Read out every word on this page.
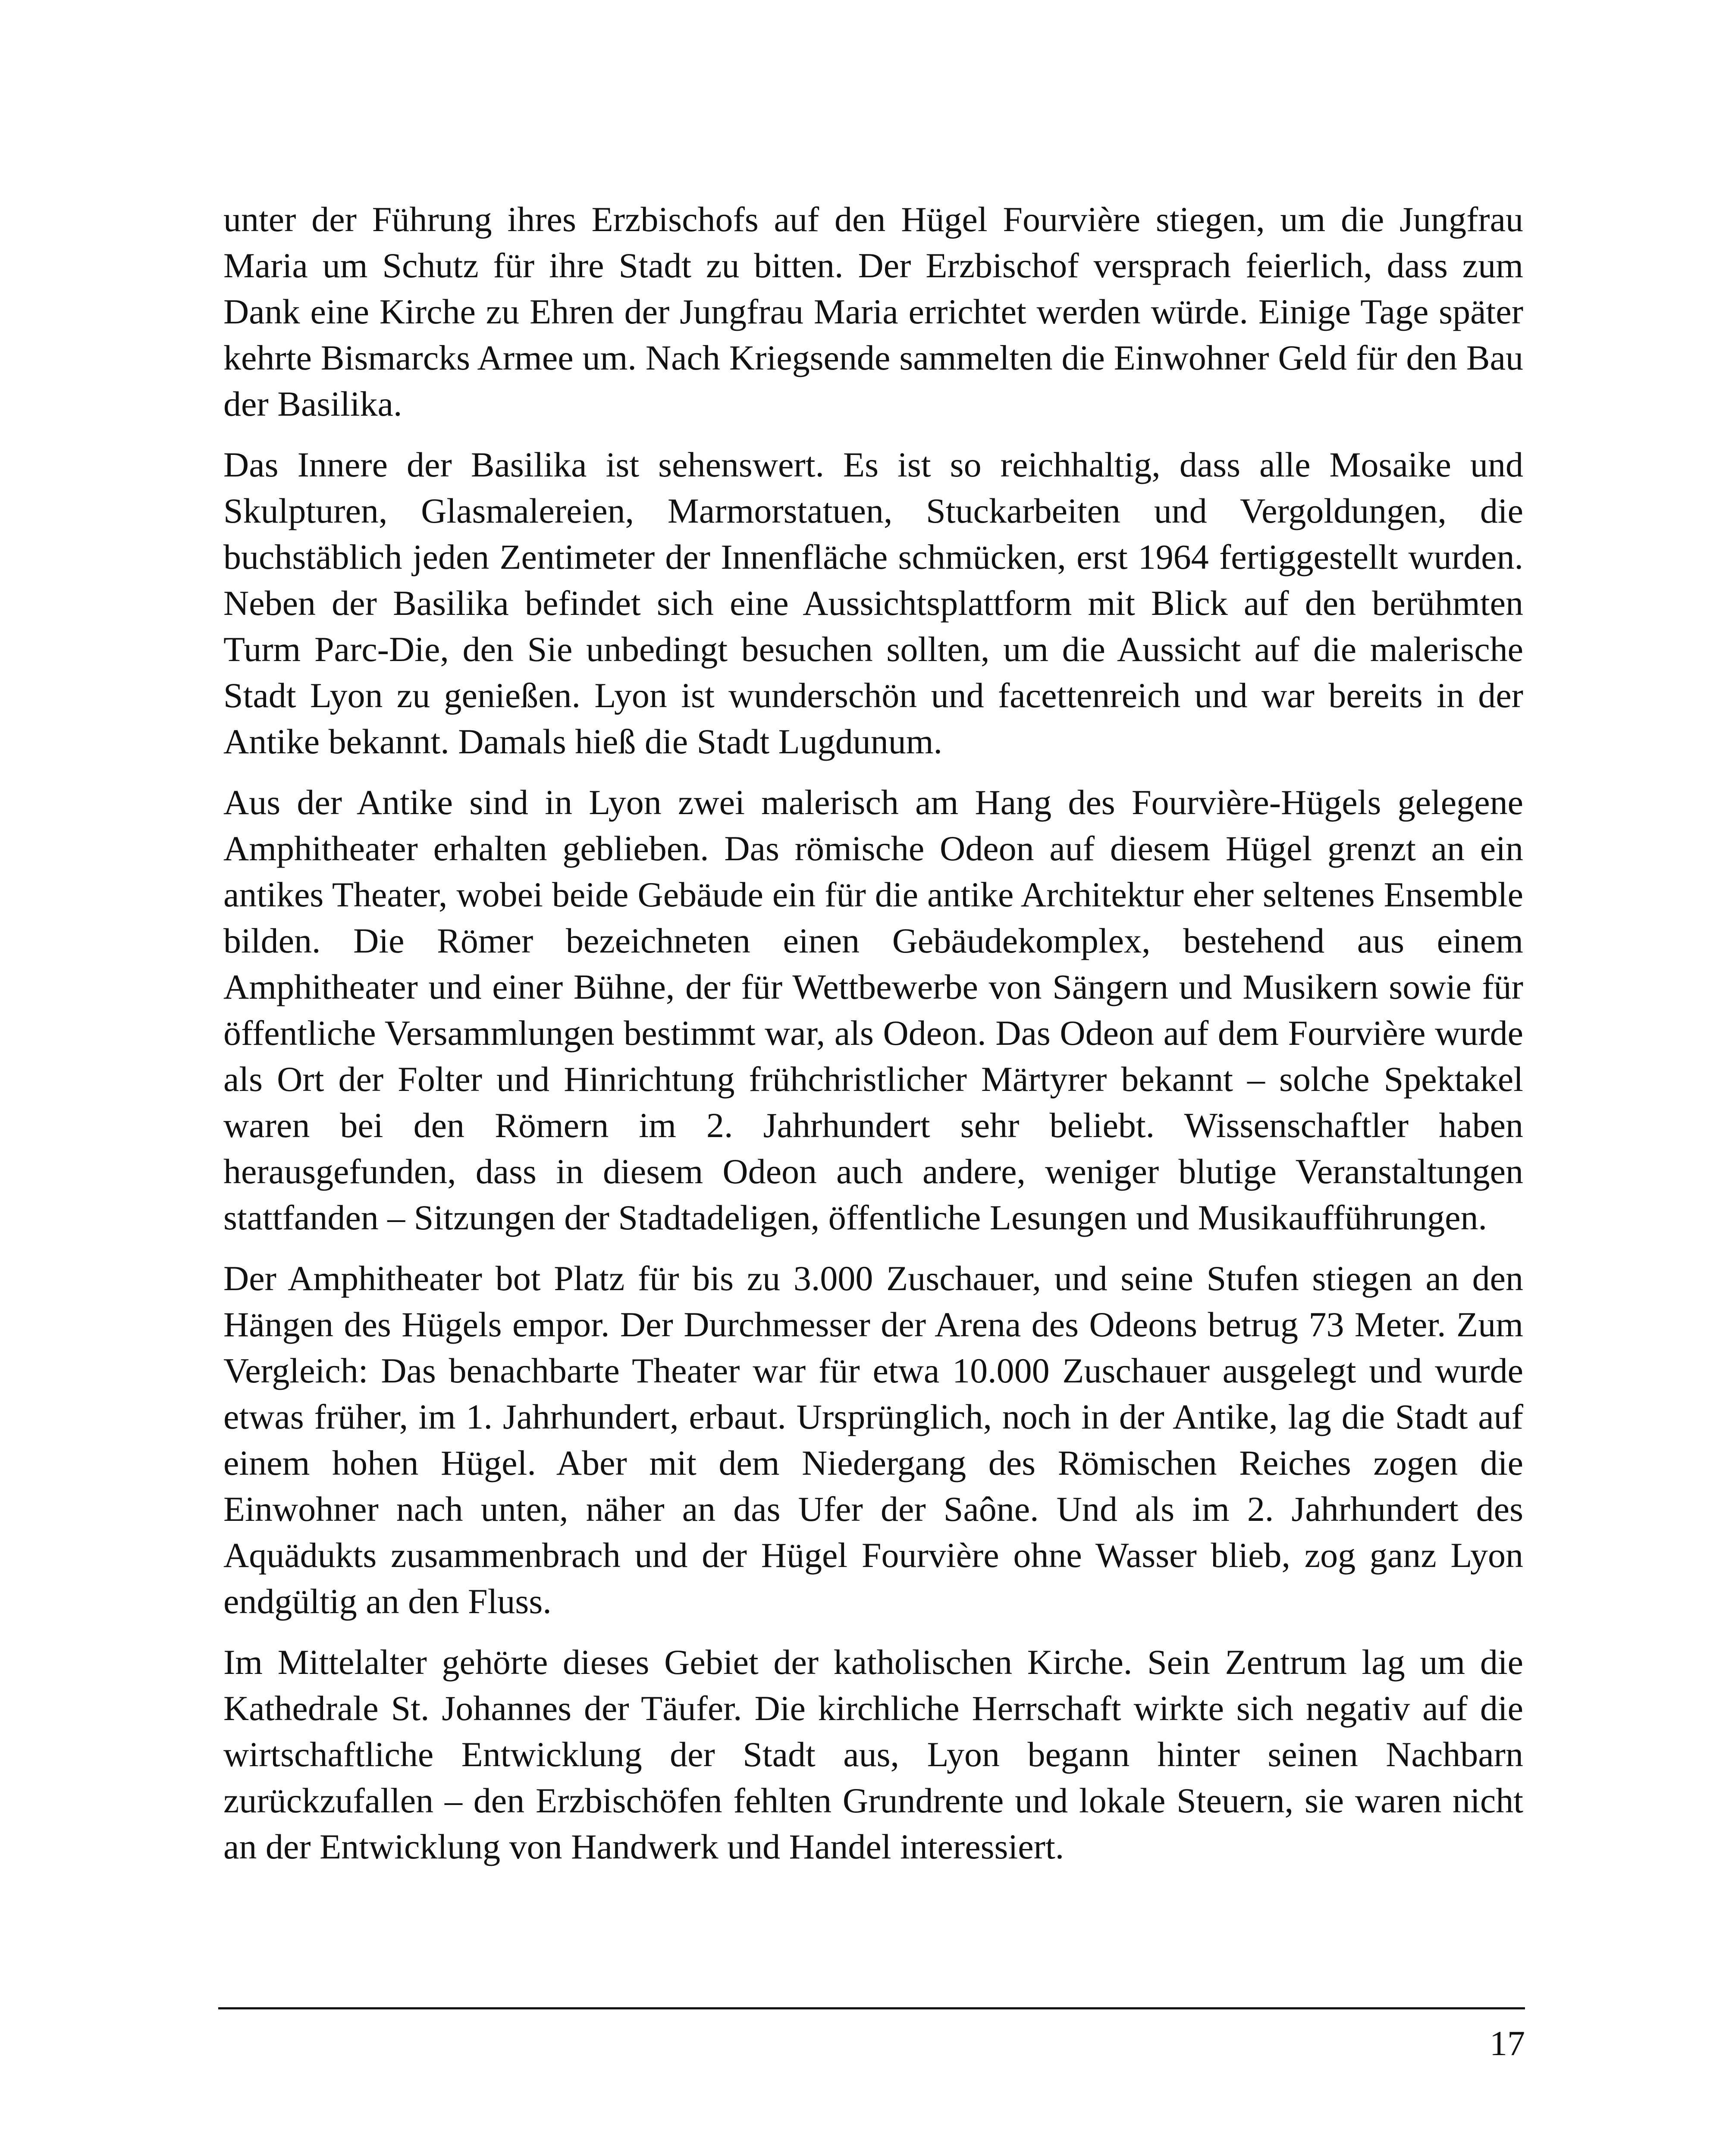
unter der Führung ihres Erzbischofs auf den Hügel Fourvière stiegen, um die Jungfrau Maria um Schutz für ihre Stadt zu bitten. Der Erzbischof versprach feierlich, dass zum Dank eine Kirche zu Ehren der Jungfrau Maria errichtet werden würde. Einige Tage später kehrte Bismarcks Armee um. Nach Kriegsende sammelten die Einwohner Geld für den Bau der Basilika.

Das Innere der Basilika ist sehenswert. Es ist so reichhaltig, dass alle Mosaike und Skulpturen, Glasmalereien, Marmorstatuen, Stuckarbeiten und Vergoldungen, die buchstäblich jeden Zentimeter der Innenfläche schmücken, erst 1964 fertiggestellt wurden. Neben der Basilika befindet sich eine Aussichtsplattform mit Blick auf den berühmten Turm Parc-Die, den Sie unbedingt besuchen sollten, um die Aussicht auf die malerische Stadt Lyon zu genießen. Lyon ist wunderschön und facettenreich und war bereits in der Antike bekannt. Damals hieß die Stadt Lugdunum.

Aus der Antike sind in Lyon zwei malerisch am Hang des Fourvière-Hügels gelegene Amphitheater erhalten geblieben. Das römische Odeon auf diesem Hügel grenzt an ein antikes Theater, wobei beide Gebäude ein für die antike Architektur eher seltenes Ensemble bilden. Die Römer bezeichneten einen Gebäudekomplex, bestehend aus einem Amphitheater und einer Bühne, der für Wettbewerbe von Sängern und Musikern sowie für öffentliche Versammlungen bestimmt war, als Odeon. Das Odeon auf dem Fourvière wurde als Ort der Folter und Hinrichtung frühchristlicher Märtyrer bekannt – solche Spektakel waren bei den Römern im 2. Jahrhundert sehr beliebt. Wissenschaftler haben herausgefunden, dass in diesem Odeon auch andere, weniger blutige Veranstaltungen stattfanden – Sitzungen der Stadtadeligen, öffentliche Lesungen und Musikaufführungen.

Der Amphitheater bot Platz für bis zu 3.000 Zuschauer, und seine Stufen stiegen an den Hängen des Hügels empor. Der Durchmesser der Arena des Odeons betrug 73 Meter. Zum Vergleich: Das benachbarte Theater war für etwa 10.000 Zuschauer ausgelegt und wurde etwas früher, im 1. Jahrhundert, erbaut. Ursprünglich, noch in der Antike, lag die Stadt auf einem hohen Hügel. Aber mit dem Niedergang des Römischen Reiches zogen die Einwohner nach unten, näher an das Ufer der Saône. Und als im 2. Jahrhundert des Aquädukts zusammenbrach und der Hügel Fourvière ohne Wasser blieb, zog ganz Lyon endgültig an den Fluss.

Im Mittelalter gehörte dieses Gebiet der katholischen Kirche. Sein Zentrum lag um die Kathedrale St. Johannes der Täufer. Die kirchliche Herrschaft wirkte sich negativ auf die wirtschaftliche Entwicklung der Stadt aus, Lyon begann hinter seinen Nachbarn zurückzufallen – den Erzbischöfen fehlten Grundrente und lokale Steuern, sie waren nicht an der Entwicklung von Handwerk und Handel interessiert.

17
